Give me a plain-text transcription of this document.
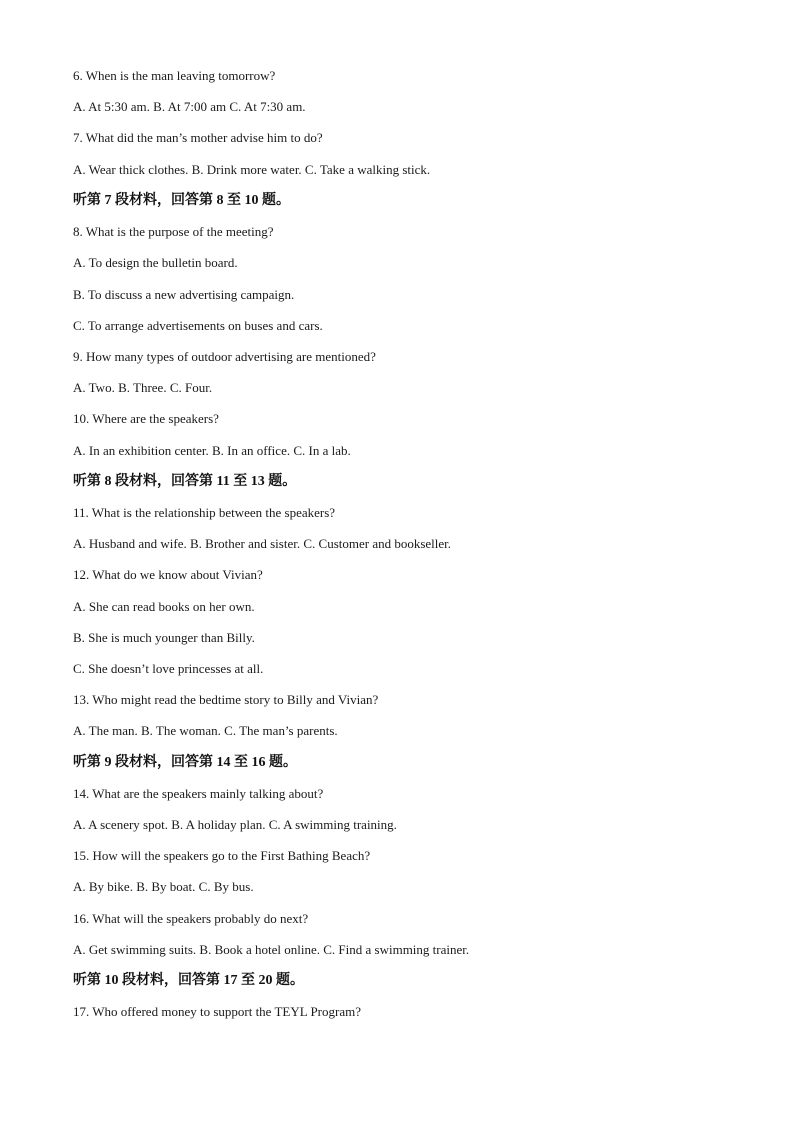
6. When is the man leaving tomorrow?
A. At 5:30 am. B. At 7:00 am C. At 7:30 am.
7. What did the man’s mother advise him to do?
A. Wear thick clothes. B. Drink more water. C. Take a walking stick.
听第 7 段材料，回答第 8 至 10 题。
8. What is the purpose of the meeting?
A. To design the bulletin board.
B. To discuss a new advertising campaign.
C. To arrange advertisements on buses and cars.
9. How many types of outdoor advertising are mentioned?
A. Two. B. Three. C. Four.
10. Where are the speakers?
A. In an exhibition center. B. In an office. C. In a lab.
听第 8 段材料，回答第 11 至 13 题。
11. What is the relationship between the speakers?
A. Husband and wife. B. Brother and sister. C. Customer and bookseller.
12. What do we know about Vivian?
A. She can read books on her own.
B. She is much younger than Billy.
C. She doesn’t love princesses at all.
13. Who might read the bedtime story to Billy and Vivian?
A. The man. B. The woman. C. The man’s parents.
听第 9 段材料，回答第 14 至 16 题。
14. What are the speakers mainly talking about?
A. A scenery spot. B. A holiday plan. C. A swimming training.
15. How will the speakers go to the First Bathing Beach?
A. By bike. B. By boat. C. By bus.
16. What will the speakers probably do next?
A. Get swimming suits. B. Book a hotel online. C. Find a swimming trainer.
听第 10 段材料，回答第 17 至 20 题。
17. Who offered money to support the TEYL Program?
